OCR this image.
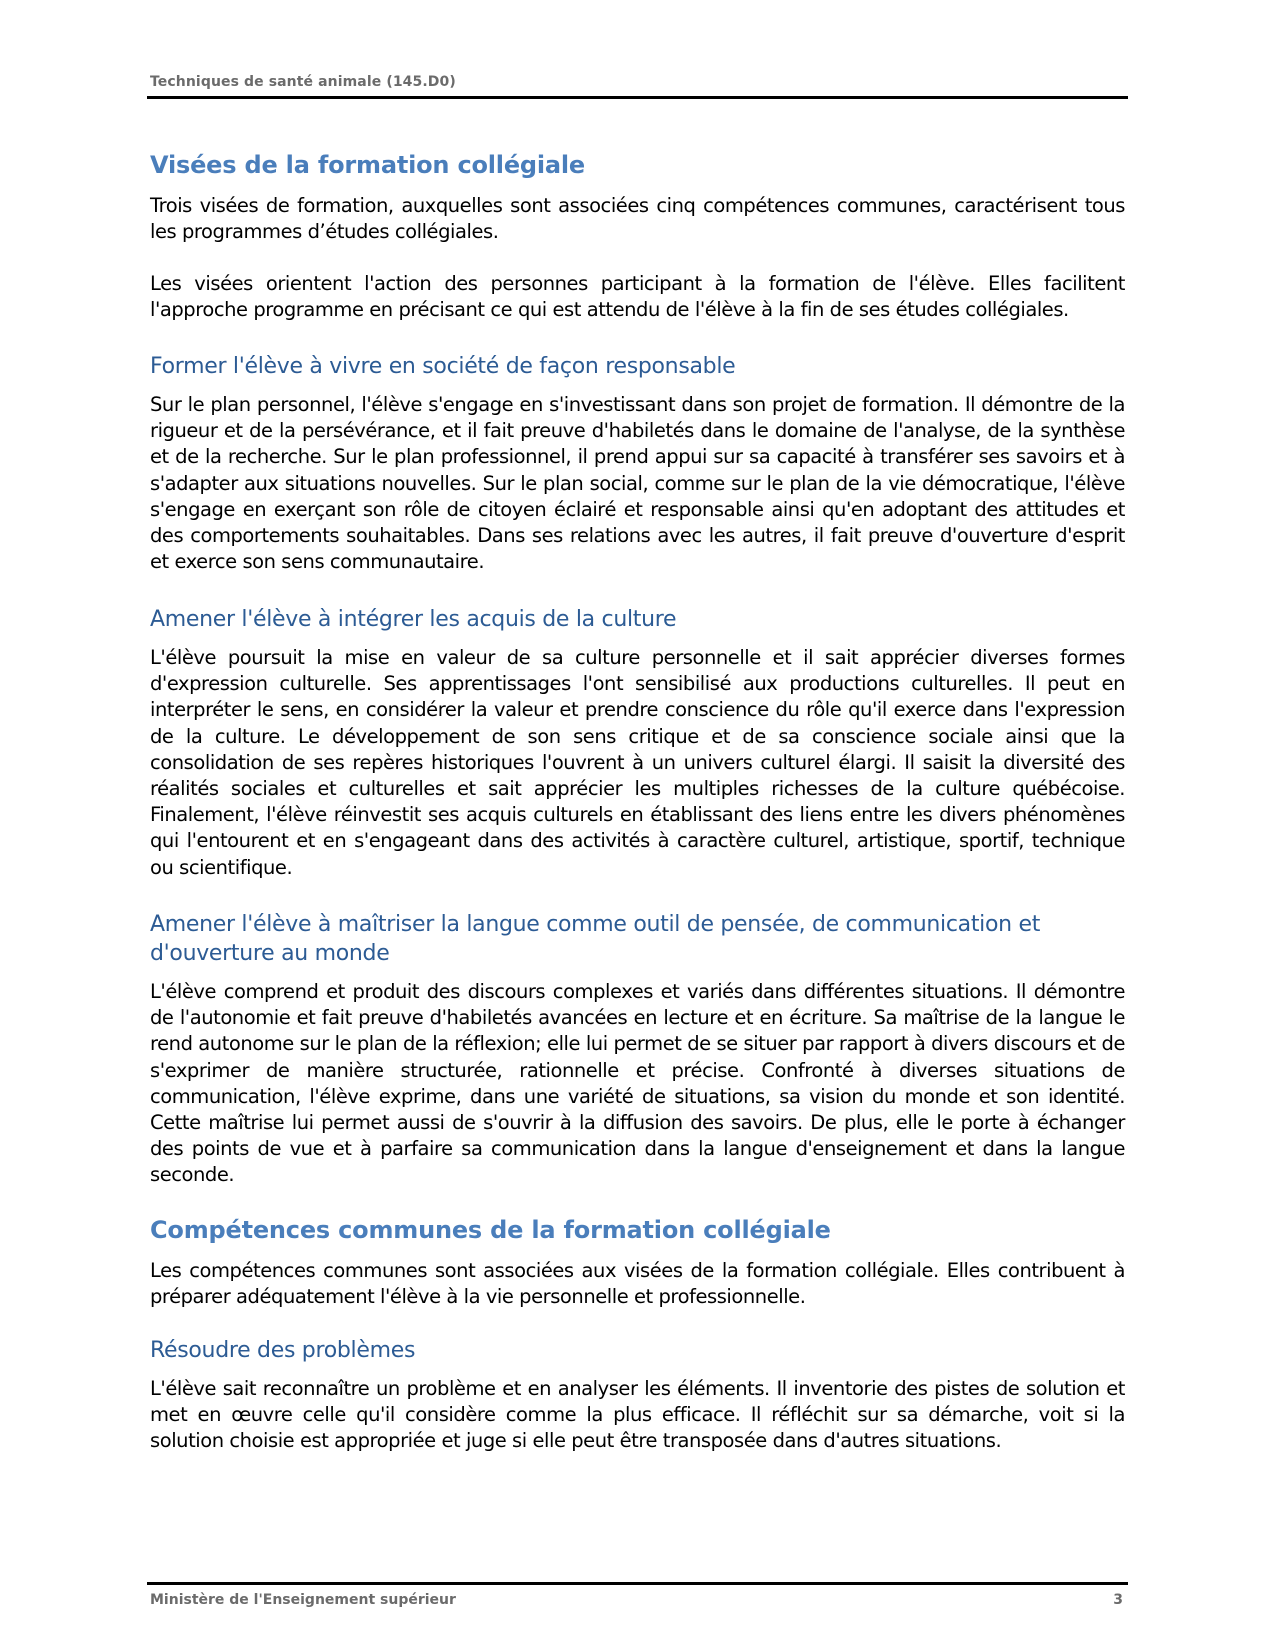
Techniques de santé animale (145.D0)
Visées de la formation collégiale

Trois visées de formation, auxquelles sont associées cinq compétences communes, caractérisent tous les programmes d’études collégiales.

Les visées orientent l'action des personnes participant à la formation de l'élève. Elles facilitent l'approche programme en précisant ce qui est attendu de l'élève à la fin de ses études collégiales.

Former l'élève à vivre en société de façon responsable

Sur le plan personnel, l'élève s'engage en s'investissant dans son projet de formation. Il démontre de la rigueur et de la persévérance, et il fait preuve d'habiletés dans le domaine de l'analyse, de la synthèse et de la recherche. Sur le plan professionnel, il prend appui sur sa capacité à transférer ses savoirs et à s'adapter aux situations nouvelles. Sur le plan social, comme sur le plan de la vie démocratique, l'élève s'engage en exerçant son rôle de citoyen éclairé et responsable ainsi qu'en adoptant des attitudes et des comportements souhaitables. Dans ses relations avec les autres, il fait preuve d'ouverture d'esprit et exerce son sens communautaire.

Amener l'élève à intégrer les acquis de la culture

L'élève poursuit la mise en valeur de sa culture personnelle et il sait apprécier diverses formes d'expression culturelle. Ses apprentissages l'ont sensibilisé aux productions culturelles. Il peut en interpréter le sens, en considérer la valeur et prendre conscience du rôle qu'il exerce dans l'expression de la culture. Le développement de son sens critique et de sa conscience sociale ainsi que la consolidation de ses repères historiques l'ouvrent à un univers culturel élargi. Il saisit la diversité des réalités sociales et culturelles et sait apprécier les multiples richesses de la culture québécoise. Finalement, l'élève réinvestit ses acquis culturels en établissant des liens entre les divers phénomènes qui l'entourent et en s'engageant dans des activités à caractère culturel, artistique, sportif, technique ou scientifique.

Amener l'élève à maîtriser la langue comme outil de pensée, de communication et d'ouverture au monde

L'élève comprend et produit des discours complexes et variés dans différentes situations. Il démontre de l'autonomie et fait preuve d'habiletés avancées en lecture et en écriture. Sa maîtrise de la langue le rend autonome sur le plan de la réflexion; elle lui permet de se situer par rapport à divers discours et de s'exprimer de manière structurée, rationnelle et précise. Confronté à diverses situations de communication, l'élève exprime, dans une variété de situations, sa vision du monde et son identité. Cette maîtrise lui permet aussi de s'ouvrir à la diffusion des savoirs. De plus, elle le porte à échanger des points de vue et à parfaire sa communication dans la langue d'enseignement et dans la langue seconde.

Compétences communes de la formation collégiale

Les compétences communes sont associées aux visées de la formation collégiale. Elles contribuent à préparer adéquatement l'élève à la vie personnelle et professionnelle.

Résoudre des problèmes

L'élève sait reconnaître un problème et en analyser les éléments. Il inventorie des pistes de solution et met en œuvre celle qu'il considère comme la plus efficace. Il réfléchit sur sa démarche, voit si la solution choisie est appropriée et juge si elle peut être transposée dans d'autres situations.

Ministère de l'Enseignement supérieur	3
